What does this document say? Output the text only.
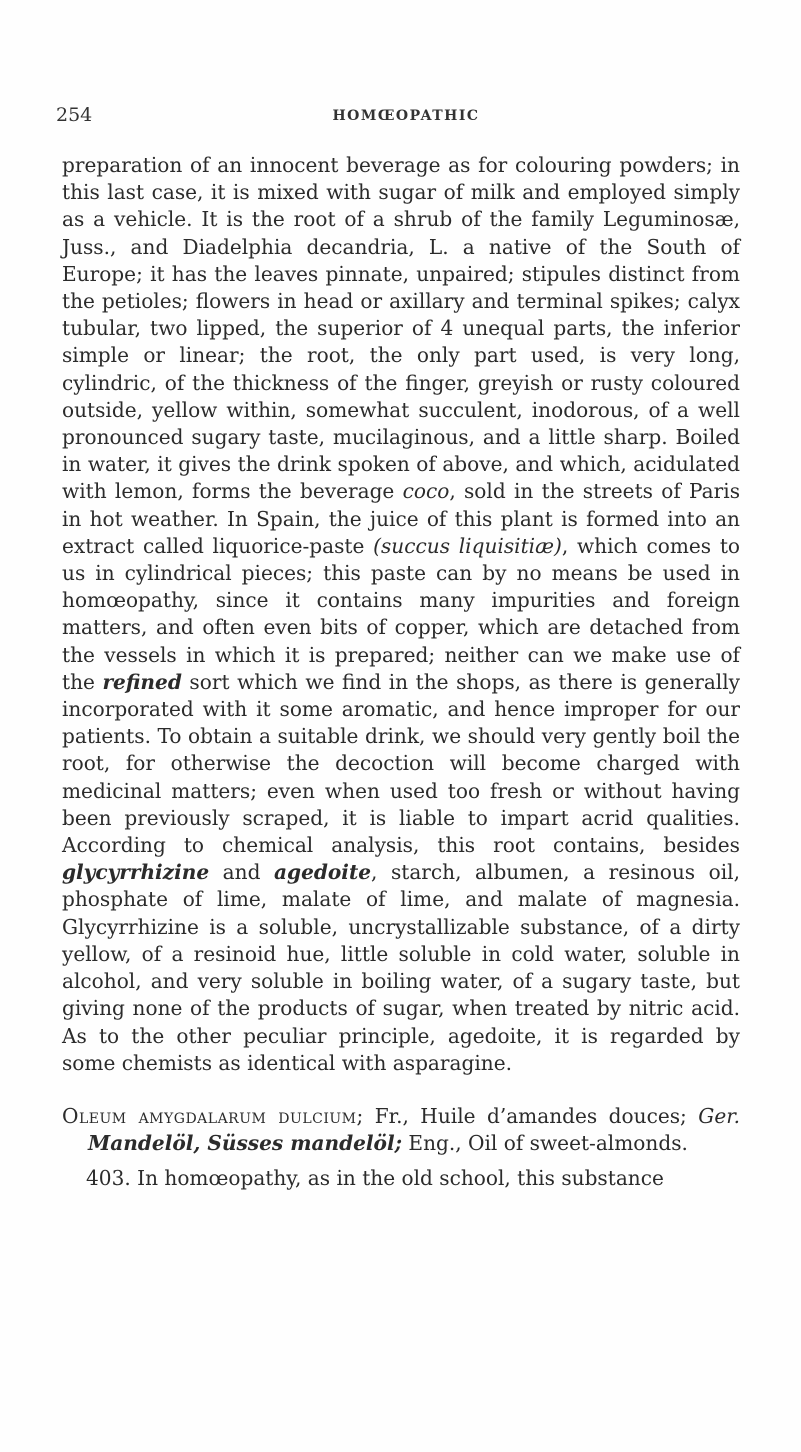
254	HOMŒOPATHIC

preparation of an innocent beverage as for colouring powders; in this last case, it is mixed with sugar of milk and employed simply as a vehicle. It is the root of a shrub of the family Leguminosæ, Juss., and Diadelphia decandria, L. a native of the South of Europe; it has the leaves pinnate, unpaired; stipules distinct from the petioles; flowers in head or axillary and terminal spikes; calyx tubular, two lipped, the superior of 4 unequal parts, the inferior simple or linear; the root, the only part used, is very long, cylindric, of the thickness of the finger, greyish or rusty coloured outside, yellow within, somewhat succulent, inodorous, of a well pronounced sugary taste, mucilaginous, and a little sharp. Boiled in water, it gives the drink spoken of above, and which, acidulated with lemon, forms the beverage coco, sold in the streets of Paris in hot weather. In Spain, the juice of this plant is formed into an extract called liquorice-paste (succus liquisitiæ), which comes to us in cylindrical pieces; this paste can by no means be used in homœopathy, since it contains many impurities and foreign matters, and often even bits of copper, which are detached from the vessels in which it is prepared; neither can we make use of the refined sort which we find in the shops, as there is generally incorporated with it some aromatic, and hence improper for our patients. To obtain a suitable drink, we should very gently boil the root, for otherwise the decoction will become charged with medicinal matters; even when used too fresh or without having been previously scraped, it is liable to impart acrid qualities. According to chemical analysis, this root contains, besides glycyrrhizine and agedoite, starch, albumen, a resinous oil, phosphate of lime, malate of lime, and malate of magnesia. Glycyrrhizine is a soluble, uncrystallizable substance, of a dirty yellow, of a resinoid hue, little soluble in cold water, soluble in alcohol, and very soluble in boiling water, of a sugary taste, but giving none of the products of sugar, when treated by nitric acid. As to the other peculiar principle, agedoite, it is regarded by some chemists as identical with asparagine.

Oleum amygdalarum dulcium; Fr., Huile d’amandes douces; Ger. Mandelöl, Süsses mandelöl; Eng., Oil of sweet-almonds.

403. In homœopathy, as in the old school, this substance
